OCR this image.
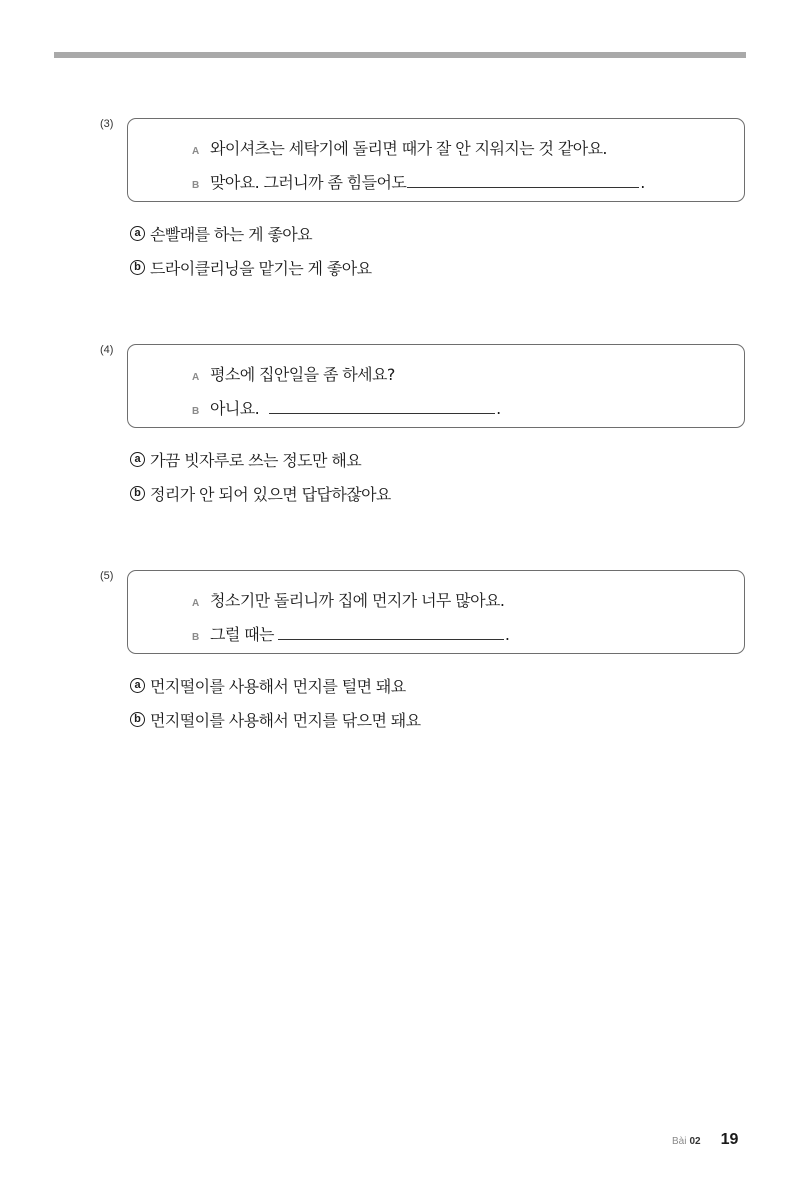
(3)
A 와이셔츠는 세탁기에 돌리면 때가 잘 안 지워지는 것 같아요.
B 맞아요. 그러니까 좀 힘들어도	.
a 손빨래를 하는 게 좋아요
b 드라이클리닝을 맡기는 게 좋아요
(4)
A 평소에 집안일을 좀 하세요?
B 아니요.	.
a 가끔 빗자루로 쓰는 정도만 해요
b 정리가 안 되어 있으면 답답하잖아요
(5)
A 청소기만 돌리니까 집에 먼지가 너무 많아요.
B 그럴 때는	.
a 먼지떨이를 사용해서 먼지를 털면 돼요
b 먼지떨이를 사용해서 먼지를 닦으면 돼요
Bài 02 19
